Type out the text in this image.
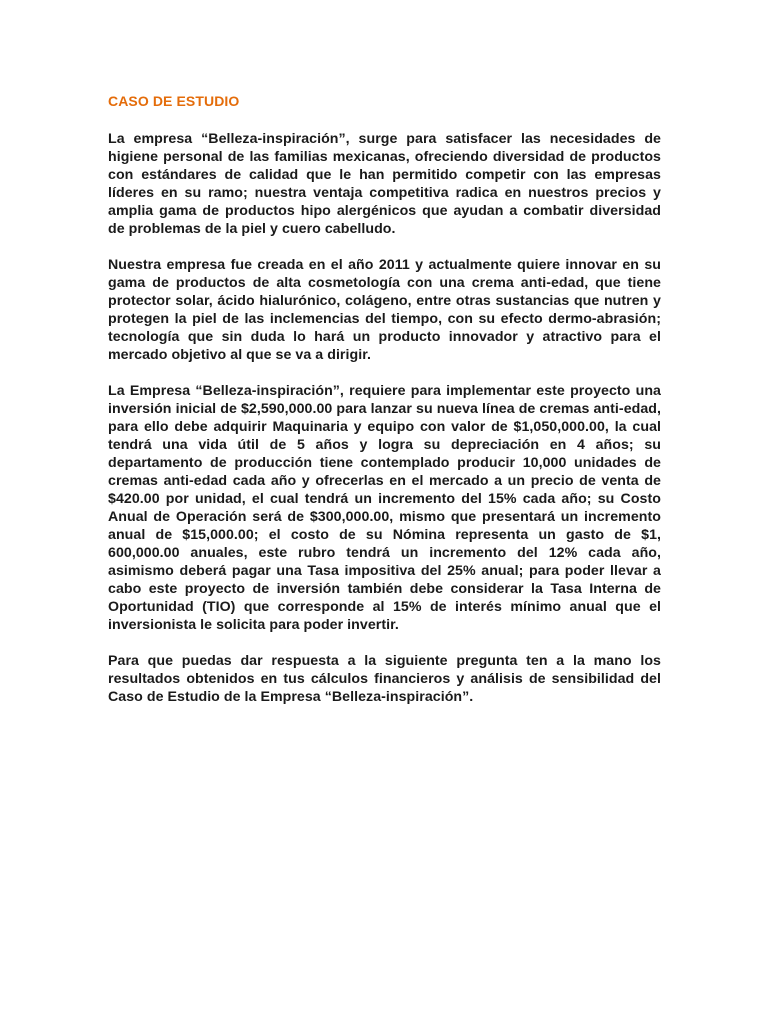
CASO DE ESTUDIO

La empresa “Belleza-inspiración”, surge para satisfacer las necesidades de higiene personal de las familias mexicanas, ofreciendo diversidad de productos con estándares de calidad que le han permitido competir con las empresas líderes en su ramo; nuestra ventaja competitiva radica en nuestros precios y amplia gama de productos hipo alergénicos que ayudan a combatir diversidad de problemas de la piel y cuero cabelludo.

Nuestra empresa fue creada en el año 2011 y actualmente quiere innovar en su gama de productos de alta cosmetología con una crema anti-edad, que tiene protector solar, ácido hialurónico, colágeno, entre otras sustancias que nutren y protegen la piel de las inclemencias del tiempo, con su efecto dermo-abrasión; tecnología que sin duda lo hará un producto innovador y atractivo para el mercado objetivo al que se va a dirigir.

La Empresa “Belleza-inspiración”, requiere para implementar este proyecto una inversión inicial de $2,590,000.00 para lanzar su nueva línea de cremas anti-edad, para ello debe adquirir Maquinaria y equipo con valor de $1,050,000.00, la cual tendrá una vida útil de 5 años y logra su depreciación en 4 años; su departamento de producción tiene contemplado producir 10,000 unidades de cremas anti-edad cada año y ofrecerlas en el mercado a un precio de venta de $420.00 por unidad, el cual tendrá un incremento del 15% cada año; su Costo Anual de Operación será de $300,000.00, mismo que presentará un incremento anual de $15,000.00; el costo de su Nómina representa un gasto de $1, 600,000.00 anuales, este rubro tendrá un incremento del 12% cada año, asimismo deberá pagar una Tasa impositiva del 25% anual; para poder llevar a cabo este proyecto de inversión también debe considerar la Tasa Interna de Oportunidad (TIO) que corresponde al 15% de interés mínimo anual que el inversionista le solicita para poder invertir.

Para que puedas dar respuesta a la siguiente pregunta ten a la mano los resultados obtenidos en tus cálculos financieros y análisis de sensibilidad del Caso de Estudio de la Empresa “Belleza-inspiración”.
